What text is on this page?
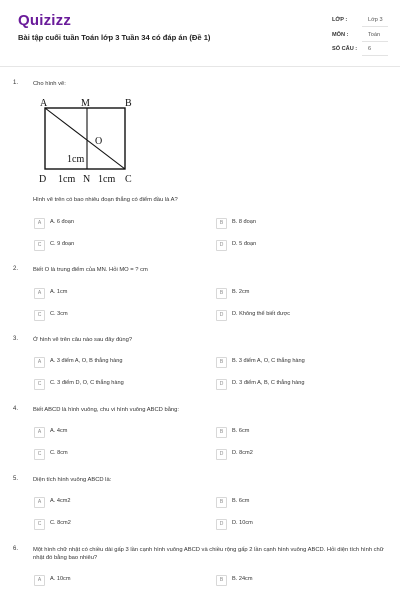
Quizizz
Bài tập cuối tuần Toán lớp 3 Tuần 34 có đáp án (Đề 1)
LỚP :	Lớp 3
MÔN :	Toán
SỐ CÂU : 6
1.	Cho hình vẽ:
A	M	B
O
1cm
D 1cm N 1cm C
Hình vẽ trên có bao nhiêu đoạn thẳng có điểm đầu là A?
A	A. 6 đoạn	B	B. 8 đoạn
C	C. 9 đoạn	D	D. 5 đoạn
2.	Biết O là trung điểm của MN. Hỏi MO = ? cm
A	A. 1cm	B	B. 2cm
C	C. 3cm	D	D. Không thể biết được
3.	Ở hình vẽ trên câu nào sau đây đúng?
A	A. 3 điểm A, O, B thẳng hàng	B	B. 3 điểm A, O, C thẳng hàng
C	C. 3 điểm D, O, C thẳng hàng	D	D. 3 điểm A, B, C thẳng hàng
4.	Biết ABCD là hình vuông, chu vi hình vuông ABCD bằng:
A	A. 4cm	B	B. 6cm
C	C. 8cm	D	D. 8cm2
5.	Diện tích hình vuông ABCD là:
A	A. 4cm2	B	B. 6cm
C	C. 8cm2	D	D. 10cm
6.	Một hình chữ nhật có chiều dài gấp 3 lần cạnh hình vuông ABCD và chiều rộng gấp 2 lần cạnh hình vuông ABCD. Hỏi diện tích hình chữ nhật đó bằng bao nhiêu?
A	A. 10cm	B	B. 24cm
